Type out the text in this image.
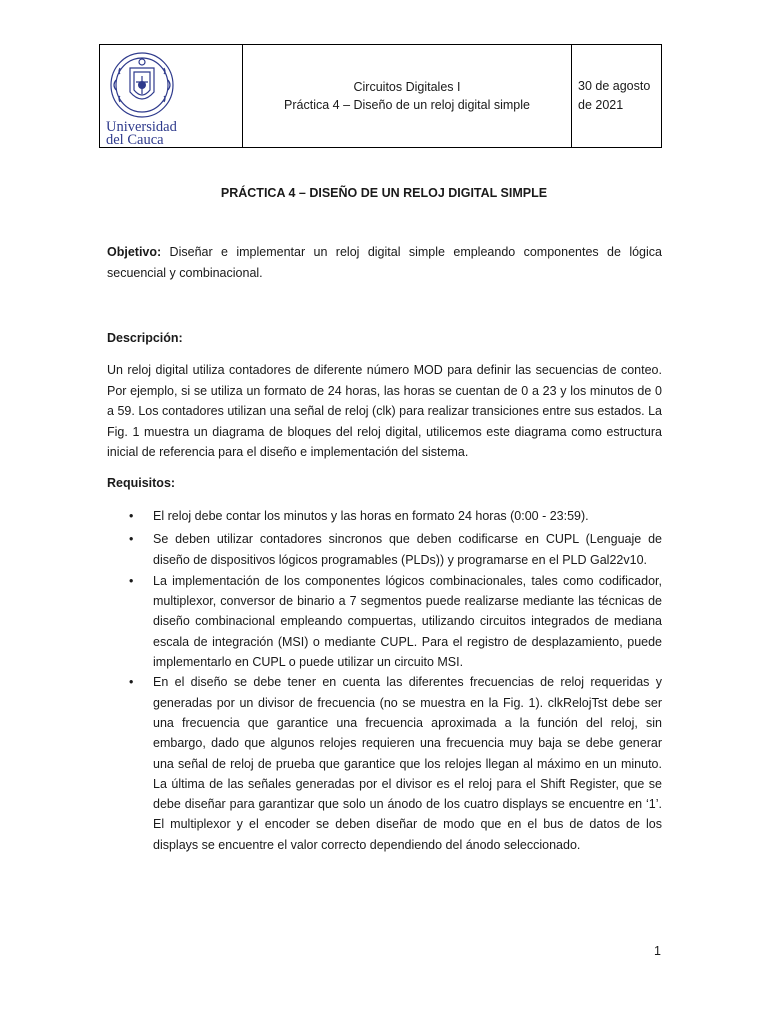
Universidad
del Cauca
Circuitos Digitales I
Práctica 4 – Diseño de un reloj digital simple
30 de agosto
de 2021
PRÁCTICA 4 – DISEÑO DE UN RELOJ DIGITAL SIMPLE

Objetivo: Diseñar e implementar un reloj digital simple empleando componentes de lógica secuencial y combinacional.

Descripción:

Un reloj digital utiliza contadores de diferente número MOD para definir las secuencias de conteo. Por ejemplo, si se utiliza un formato de 24 horas, las horas se cuentan de 0 a 23 y los minutos de 0 a 59. Los contadores utilizan una señal de reloj (clk) para realizar transiciones entre sus estados. La Fig. 1 muestra un diagrama de bloques del reloj digital, utilicemos este diagrama como estructura inicial de referencia para el diseño e implementación del sistema.

Requisitos:
• El reloj debe contar los minutos y las horas en formato 24 horas (0:00 - 23:59).
• Se deben utilizar contadores sincronos que deben codificarse en CUPL (Lenguaje de diseño de dispositivos lógicos programables (PLDs)) y programarse en el PLD Gal22v10.
• La implementación de los componentes lógicos combinacionales, tales como codificador, multiplexor, conversor de binario a 7 segmentos puede realizarse mediante las técnicas de diseño combinacional empleando compuertas, utilizando circuitos integrados de mediana escala de integración (MSI) o mediante CUPL. Para el registro de desplazamiento, puede implementarlo en CUPL o puede utilizar un circuito MSI.
• En el diseño se debe tener en cuenta las diferentes frecuencias de reloj requeridas y generadas por un divisor de frecuencia (no se muestra en la Fig. 1). clkRelojTst debe ser una frecuencia que garantice una frecuencia aproximada a la función del reloj, sin embargo, dado que algunos relojes requieren una frecuencia muy baja se debe generar una señal de reloj de prueba que garantice que los relojes llegan al máximo en un minuto. La última de las señales generadas por el divisor es el reloj para el Shift Register, que se debe diseñar para garantizar que solo un ánodo de los cuatro displays se encuentre en ‘1’. El multiplexor y el encoder se deben diseñar de modo que en el bus de datos de los displays se encuentre el valor correcto dependiendo del ánodo seleccionado.
1
